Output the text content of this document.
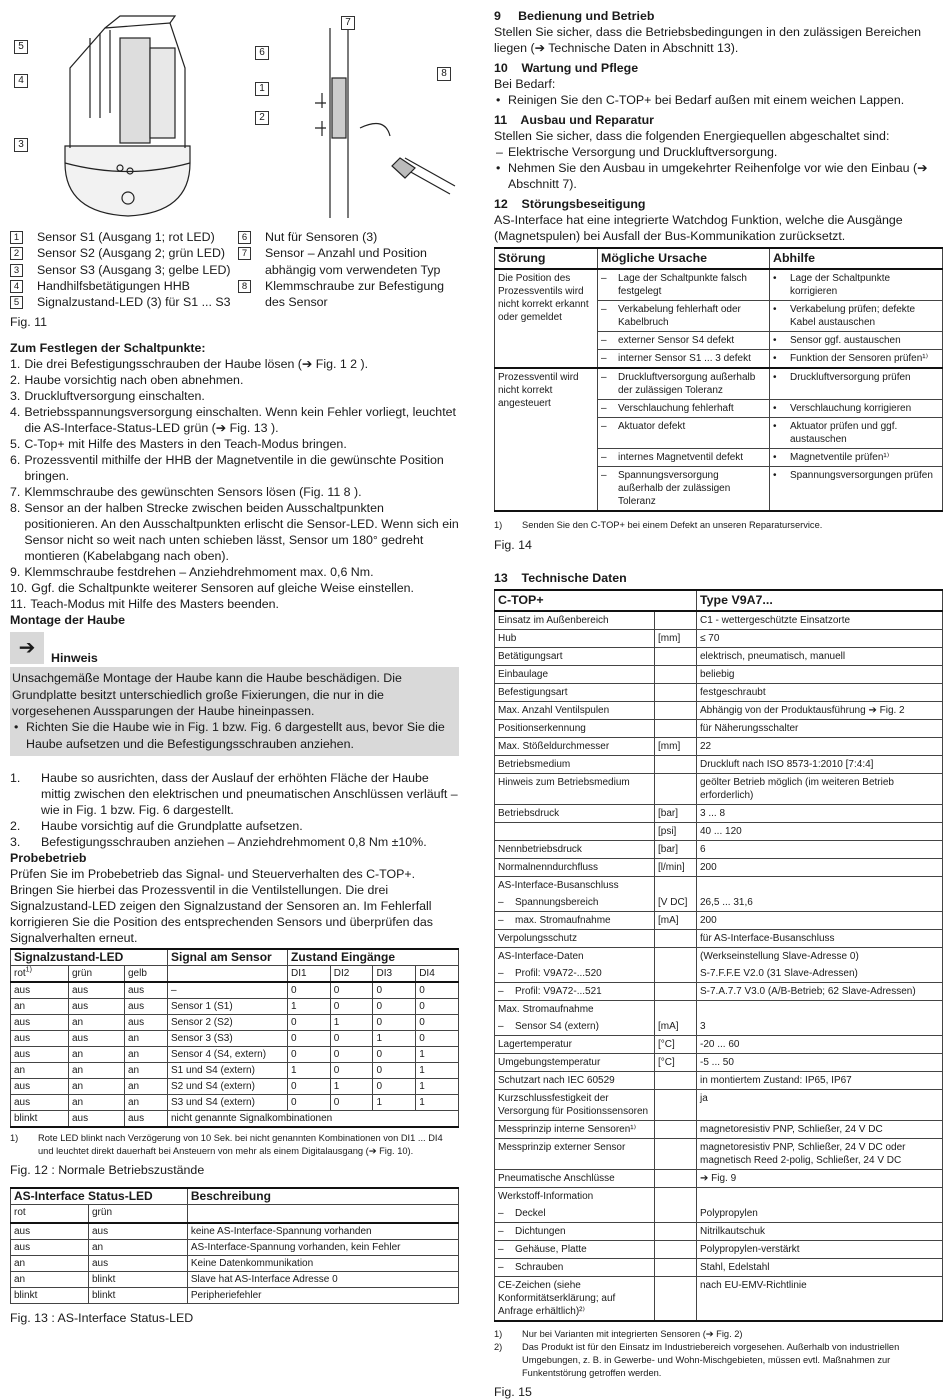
5
4
3
6
1
2
7
8
1	Sensor S1 (Ausgang 1; rot LED)
2	Sensor S2 (Ausgang 2; grün LED)
3	Sensor S3 (Ausgang 3; gelbe LED)
4	Handhilfsbetätigungen HHB
5	Signalzustand-LED (3) für S1 ... S3
6	Nut für Sensoren (3)
7	Sensor – Anzahl und Position abhängig vom verwendeten Typ
8	Klemmschraube zur Befestigung des Sensor
Fig. 11
Zum Festlegen der Schaltpunkte:
1. Die drei Befestigungsschrauben der Haube lösen (➔ Fig. 1 2 ).
2. Haube vorsichtig nach oben abnehmen.
3. Druckluftversorgung einschalten.
4. Betriebsspannungsversorgung einschalten. Wenn kein Fehler vorliegt, leuchtet die AS-Interface-Status-LED grün (➔ Fig. 13 ).
5. C-Top+ mit Hilfe des Masters in den Teach-Modus bringen.
6. Prozessventil mithilfe der HHB der Magnetventile in die gewünschte Position bringen.
7. Klemmschraube des gewünschten Sensors lösen (Fig. 11 8 ).
8. Sensor an der halben Strecke zwischen beiden Ausschaltpunkten positionieren. An den Ausschaltpunkten erlischt die Sensor-LED. Wenn sich ein Sensor nicht so weit nach unten schieben lässt, Sensor um 180° gedreht montieren (Kabelabgang nach oben).
9. Klemmschraube festdrehen – Anziehdrehmoment max. 0,6 Nm.
10. Ggf. die Schaltpunkte weiterer Sensoren auf gleiche Weise einstellen.
11. Teach-Modus mit Hilfe des Masters beenden.
Montage der Haube
➔	Hinweis
Unsachgemäße Montage der Haube kann die Haube beschädigen. Die Grundplatte besitzt unterschiedlich große Fixierungen, die nur in die vorgesehenen Aussparungen der Haube hineinpassen.
• Richten Sie die Haube wie in Fig. 1 bzw. Fig. 6 dargestellt aus, bevor Sie die Haube aufsetzen und die Befestigungsschrauben anziehen.
1.	Haube so ausrichten, dass der Auslauf der erhöhten Fläche der Haube mittig zwischen den elektrischen und pneumatischen Anschlüssen verläuft – wie in Fig. 1 bzw. Fig. 6 dargestellt.
2.	Haube vorsichtig auf die Grundplatte aufsetzen.
3.	Befestigungsschrauben anziehen – Anziehdrehmoment 0,8 Nm ±10%.
Probebetrieb
Prüfen Sie im Probebetrieb das Signal- und Steuerverhalten des C-TOP+. Bringen Sie hierbei das Prozessventil in die Ventilstellungen. Die drei Signalzustand-LED zeigen den Signalzustand der Sensoren an. Im Fehlerfall korrigieren Sie die Position des entsprechenden Sensors und überprüfen das Signalverhalten erneut.
Signalzustand-LED			Signal am Sensor	Zustand Eingänge			
rot$^{1)}$	grün	gelb		DI1	DI2	DI3	DI4
aus	aus	aus	–	0	0	0	0
an	aus	aus	Sensor 1 (S1)	1	0	0	0
aus	an	aus	Sensor 2 (S2)	0	1	0	0
aus	aus	an	Sensor 3 (S3)	0	0	1	0
aus	an	an	Sensor 4 (S4, extern)	0	0	0	1
an	an	an	S1 und S4 (extern)	1	0	0	1
aus	an	an	S2 und S4 (extern)	0	1	0	1
aus	an	an	S3 und S4 (extern)	0	0	1	1
blinkt	aus	aus	nicht genannte Signalkombinationen				
1)	Rote LED blinkt nach Verzögerung von 10 Sek. bei nicht genannten Kombinationen von DI1 ... DI4 und leuchtet direkt dauerhaft bei Ansteuern von mehr als einem Digitalausgang (➔ Fig. 10).
Fig. 12 : Normale Betriebszustände
AS-Interface Status-LED		Beschreibung
rot	grün	
aus	aus	keine AS-Interface-Spannung vorhanden
aus	an	AS-Interface-Spannung vorhanden, kein Fehler
an	aus	Keine Datenkommunikation
an	blinkt	Slave hat AS-Interface Adresse 0
blinkt	blinkt	Peripheriefehler
Fig. 13 : AS-Interface Status-LED
9     Bedienung und Betrieb
Stellen Sie sicher, dass die Betriebsbedingungen in den zulässigen Bereichen liegen (➔ Technische Daten in Abschnitt 13).
10    Wartung und Pflege
Bei Bedarf:
• Reinigen Sie den C-TOP+ bei Bedarf außen mit einem weichen Lappen.
11    Ausbau und Reparatur
Stellen Sie sicher, dass die folgenden Energiequellen abgeschaltet sind:
– Elektrische Versorgung und Druckluftversorgung.
• Nehmen Sie den Ausbau in umgekehrter Reihenfolge vor wie den Einbau (➔ Abschnitt 7).
12    Störungsbeseitigung
AS-Interface hat eine integrierte Watchdog Funktion, welche die Ausgänge (Magnetspulen) bei Ausfall der Bus-Kommunikation zurücksetzt.
Störung	Mögliche Ursache	Abhilfe
Die Position des Prozessventils wird nicht korrekt erkannt oder gemeldet	– Lage der Schaltpunkte falsch festgelegt	• Lage der Schaltpunkte korrigieren

	– Verkabelung fehlerhaft oder Kabelbruch	• Verkabelung prüfen; defekte Kabel austauschen

	– externer Sensor S4 defekt	• Sensor ggf. austauschen

	– interner Sensor S1 ... 3 defekt	• Funktion der Sensoren prüfen¹⁾

Prozessventil wird nicht korrekt angesteuert	– Druckluftversorgung außerhalb der zulässigen Toleranz	• Druckluftversorgung prüfen

	– Verschlauchung fehlerhaft	• Verschlauchung korrigieren

	– Aktuator defekt	• Aktuator prüfen und ggf. austauschen

	– internes Magnetventil defekt	• Magnetventile prüfen¹⁾

	– Spannungsversorgung außerhalb der zulässigen Toleranz	• Spannungsversorgungen prüfen
1)	Senden Sie den C-TOP+ bei einem Defekt an unseren Reparaturservice.
Fig. 14
13    Technische Daten
C-TOP+		Type V9A7...
Einsatz im Außenbereich		C1 - wettergeschützte Einsatzorte
Hub	[mm]	≤ 70
Betätigungsart		elektrisch, pneumatisch, manuell
Einbaulage		beliebig
Befestigungsart		festgeschraubt
Max. Anzahl Ventilspulen		Abhängig von der Produktausführung ➔ Fig. 2
Positionserkennung		für Näherungsschalter
Max. Stößeldurchmesser	[mm]	22
Betriebsmedium		Druckluft nach ISO 8573-1:2010 [7:4:4]
Hinweis zum Betriebsmedium		geölter Betrieb möglich (im weiteren Betrieb erforderlich)
Betriebsdruck	[bar]	3 ... 8
	[psi]	40 ... 120
Nennbetriebsdruck	[bar]	6
Normalnenndurchfluss	[l/min]	200
AS-Interface-Busanschluss		

– Spannungsbereich	[V DC]	26,5 ... 31,6

– max. Stromaufnahme	[mA]	200
Verpolungsschutz		für AS-Interface-Busanschluss
AS-Interface-Daten		(Werkseinstellung Slave-Adresse 0)

– Profil: V9A72-...520		S-7.F.F.E V2.0 (31 Slave-Adressen)

– Profil: V9A72-...521		S-7.A.7.7 V3.0 (A/B-Betrieb; 62 Slave-Adressen)
Max. Stromaufnahme		

– Sensor S4 (extern)	[mA]	3
Lagertemperatur	[°C]	-20 ... 60
Umgebungstemperatur	[°C]	-5 ... 50
Schutzart nach IEC 60529		in montiertem Zustand: IP65, IP67
Kurzschlussfestigkeit der Versorgung für Positionssensoren		ja
Messprinzip interne Sensoren¹⁾		magnetoresistiv PNP, Schließer, 24 V DC
Messprinzip externer Sensor		magnetoresistiv PNP, Schließer, 24 V DC oder magnetisch Reed 2-polig, Schließer, 24 V DC
Pneumatische Anschlüsse		➔ Fig. 9
Werkstoff-Information		

– Deckel		Polypropylen

– Dichtungen		Nitrilkautschuk

– Gehäuse, Platte		Polypropylen-verstärkt

– Schrauben		Stahl, Edelstahl
CE-Zeichen (siehe Konformitätserklärung; auf Anfrage erhältlich)²⁾		nach EU-EMV-Richtlinie
1)	Nur bei Varianten mit integrierten Sensoren (➔ Fig. 2)
2)	Das Produkt ist für den Einsatz im Industriebereich vorgesehen. Außerhalb von industriellen Umgebungen, z. B. in Gewerbe- und Wohn-Mischgebieten, müssen evtl. Maßnahmen zur Funkentstörung getroffen werden.
Fig. 15
